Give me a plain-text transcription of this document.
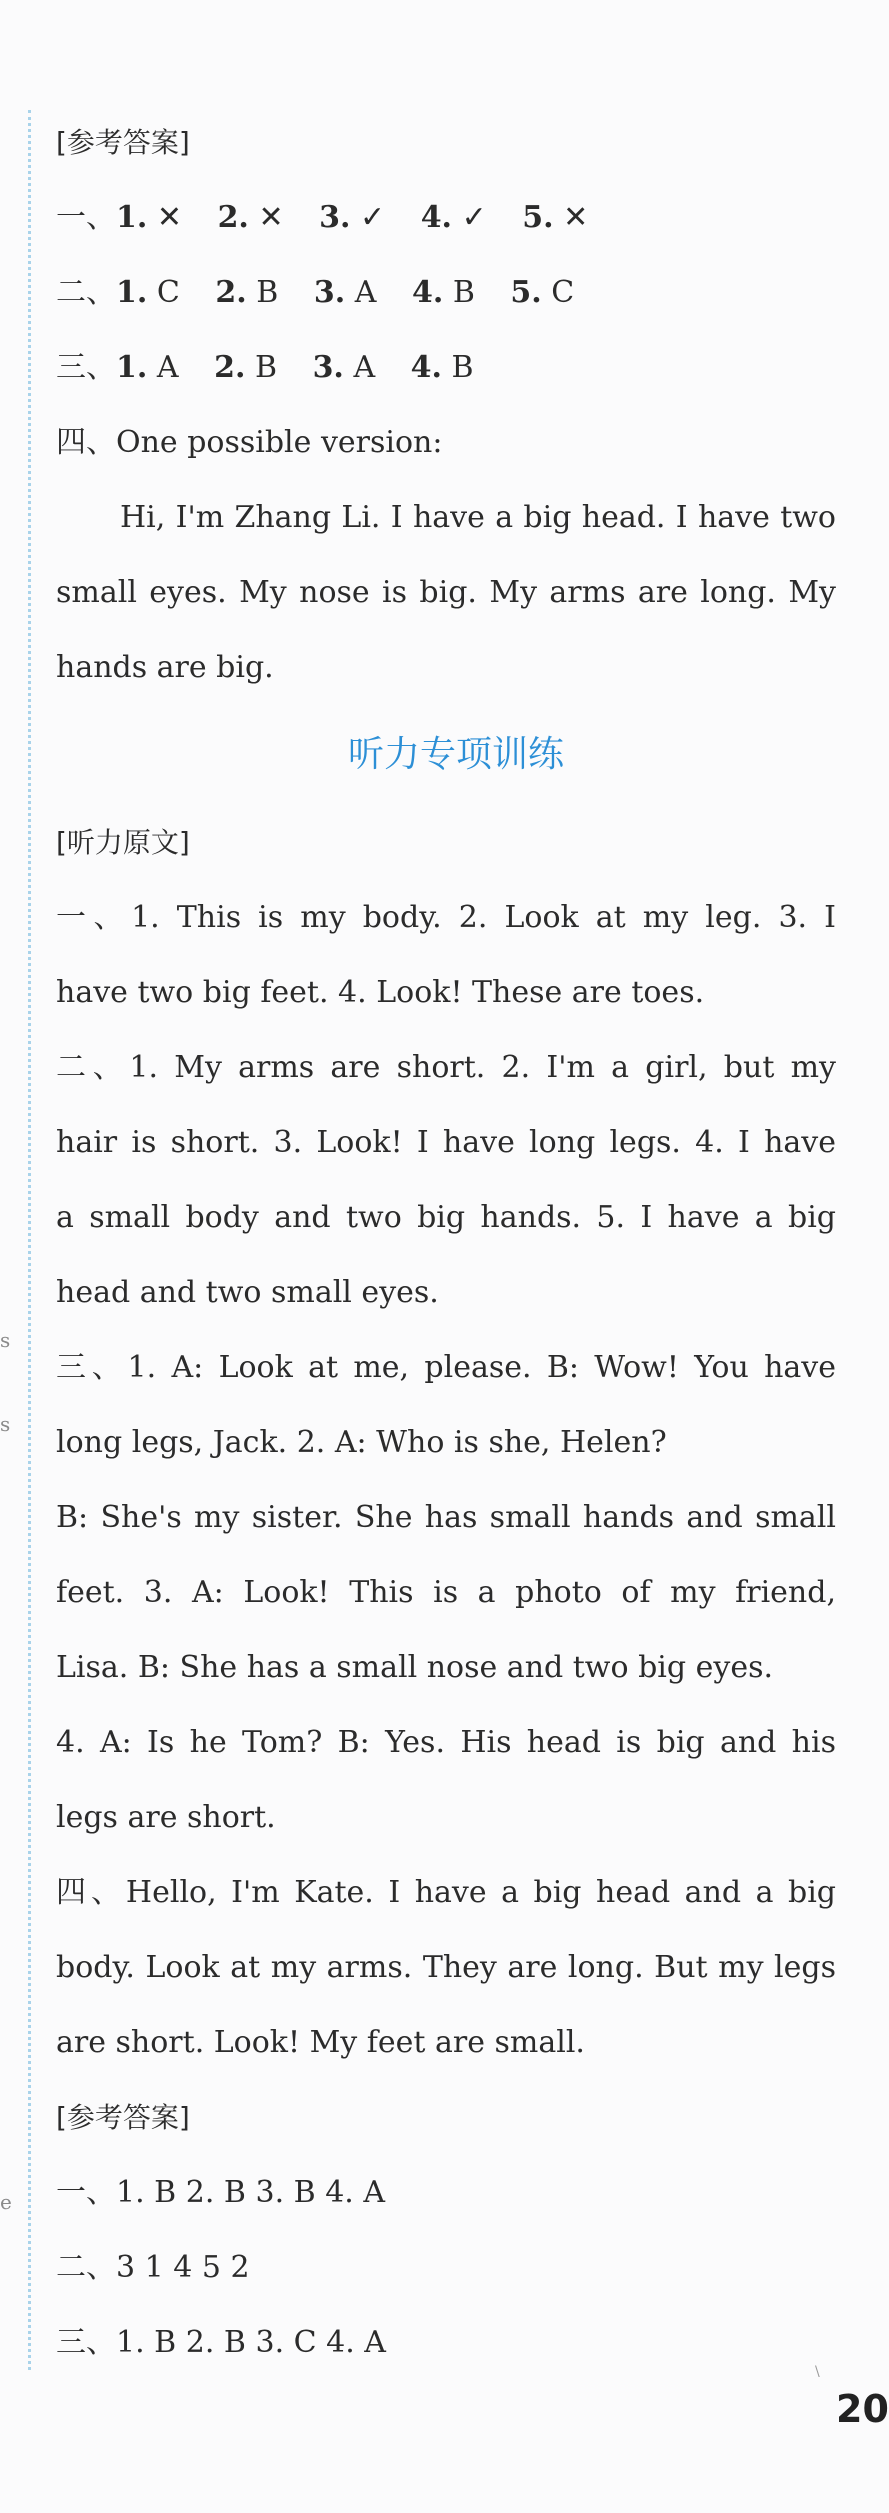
s
s
e
[参考答案]
一、1. ✕ 2. ✕ 3. ✓ 4. ✓ 5. ✕
二、1. C 2. B 3. A 4. B 5. C
三、1. A 2. B 3. A 4. B
四、One possible version:
Hi, I'm Zhang Li. I have a big head. I have two
small eyes. My nose is big. My arms are long. My
hands are big.
听力专项训练
[听力原文]
一、1. This is my body. 2. Look at my leg. 3. I
have two big feet. 4. Look! These are toes.
二、1. My arms are short. 2. I'm a girl, but my
hair is short. 3. Look! I have long legs. 4. I have
a small body and two big hands. 5. I have a big
head and two small eyes.
三、1. A: Look at me, please. B: Wow! You have
long legs, Jack. 2. A: Who is she, Helen?
B: She's my sister. She has small hands and small
feet. 3. A: Look! This is a photo of my friend,
Lisa. B: She has a small nose and two big eyes.
4. A: Is he Tom? B: Yes. His head is big and his
legs are short.
四、Hello, I'm Kate. I have a big head and a big
body. Look at my arms. They are long. But my legs
are short. Look! My feet are small.
[参考答案]
一、1. B 2. B 3. B 4. A
二、3 1 4 5 2
三、1. B 2. B 3. C 4. A
\
20
